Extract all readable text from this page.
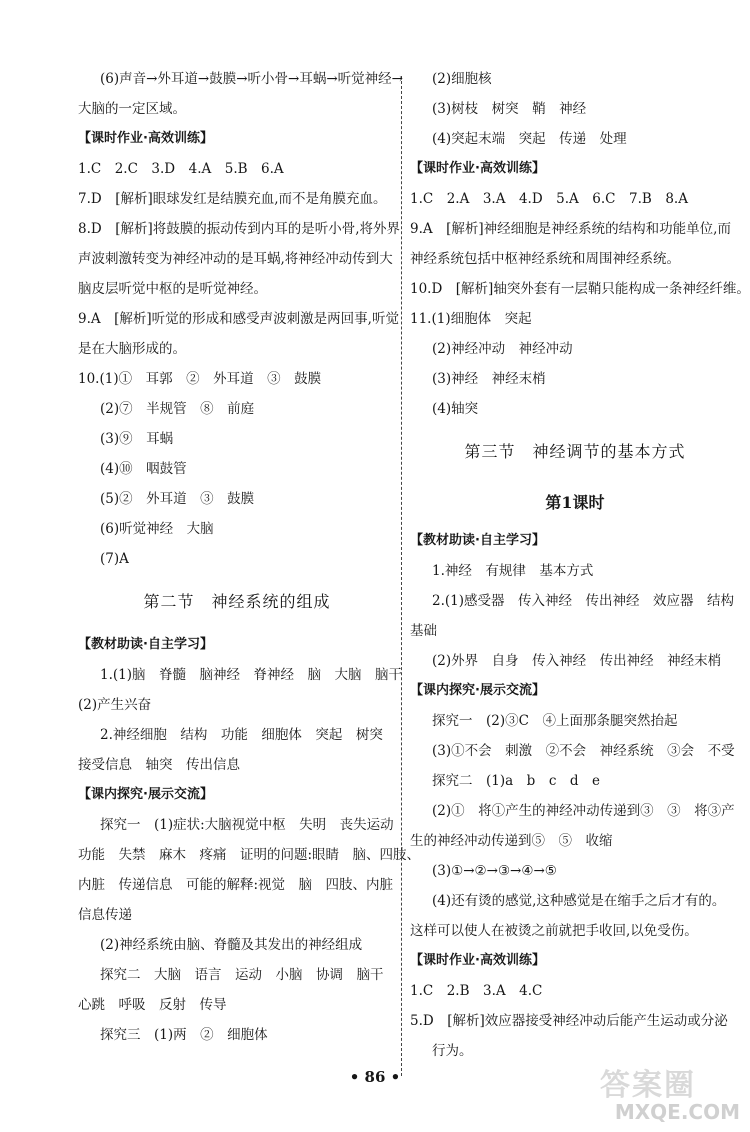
(6)声音→外耳道→鼓膜→听小骨→耳蜗→听觉神经→
大脑的一定区域。
【课时作业·高效训练】
1.C　2.C　3.D　4.A　5.B　6.A
7.D　[解析]眼球发红是结膜充血,而不是角膜充血。
8.D　[解析]将鼓膜的振动传到内耳的是听小骨,将外界
声波刺激转变为神经冲动的是耳蜗,将神经冲动传到大
脑皮层听觉中枢的是听觉神经。
9.A　[解析]听觉的形成和感受声波刺激是两回事,听觉
是在大脑形成的。
10.(1)①　耳郭　②　外耳道　③　鼓膜
(2)⑦　半规管　⑧　前庭
(3)⑨　耳蜗
(4)⑩　咽鼓管
(5)②　外耳道　③　鼓膜
(6)听觉神经　大脑
(7)A
第二节　神经系统的组成
【教材助读·自主学习】
1.(1)脑　脊髓　脑神经　脊神经　脑　大脑　脑干
(2)产生兴奋
2.神经细胞　结构　功能　细胞体　突起　树突
接受信息　轴突　传出信息
【课内探究·展示交流】
探究一　(1)症状:大脑视觉中枢　失明　丧失运动
功能　失禁　麻木　疼痛　证明的问题:眼睛　脑、四肢、
内脏　传递信息　可能的解释:视觉　脑　四肢、内脏
信息传递
(2)神经系统由脑、脊髓及其发出的神经组成
探究二　大脑　语言　运动　小脑　协调　脑干
心跳　呼吸　反射　传导
探究三　(1)两　②　细胞体
(2)细胞核
(3)树枝　树突　鞘　神经
(4)突起末端　突起　传递　处理
【课时作业·高效训练】
1.C　2.A　3.A　4.D　5.A　6.C　7.B　8.A
9.A　[解析]神经细胞是神经系统的结构和功能单位,而
神经系统包括中枢神经系统和周围神经系统。
10.D　[解析]轴突外套有一层鞘只能构成一条神经纤维。
11.(1)细胞体　突起
(2)神经冲动　神经冲动
(3)神经　神经末梢
(4)轴突
第三节　神经调节的基本方式
第1课时
【教材助读·自主学习】
1.神经　有规律　基本方式
2.(1)感受器　传入神经　传出神经　效应器　结构
基础
(2)外界　自身　传入神经　传出神经　神经末梢
【课内探究·展示交流】
探究一　(2)③C　④上面那条腿突然抬起
(3)①不会　刺激　②不会　神经系统　③会　不受
探究二　(1)a　b　c　d　e
(2)①　将①产生的神经冲动传递到③　③　将③产
生的神经冲动传递到⑤　⑤　收缩
(3)①→②→③→④→⑤
(4)还有烫的感觉,这种感觉是在缩手之后才有的。
这样可以使人在被烫之前就把手收回,以免受伤。
【课时作业·高效训练】
1.C　2.B　3.A　4.C
5.D　[解析]效应器接受神经冲动后能产生运动或分泌
行为。
• 86 •	答案圈
MXQE.COM
